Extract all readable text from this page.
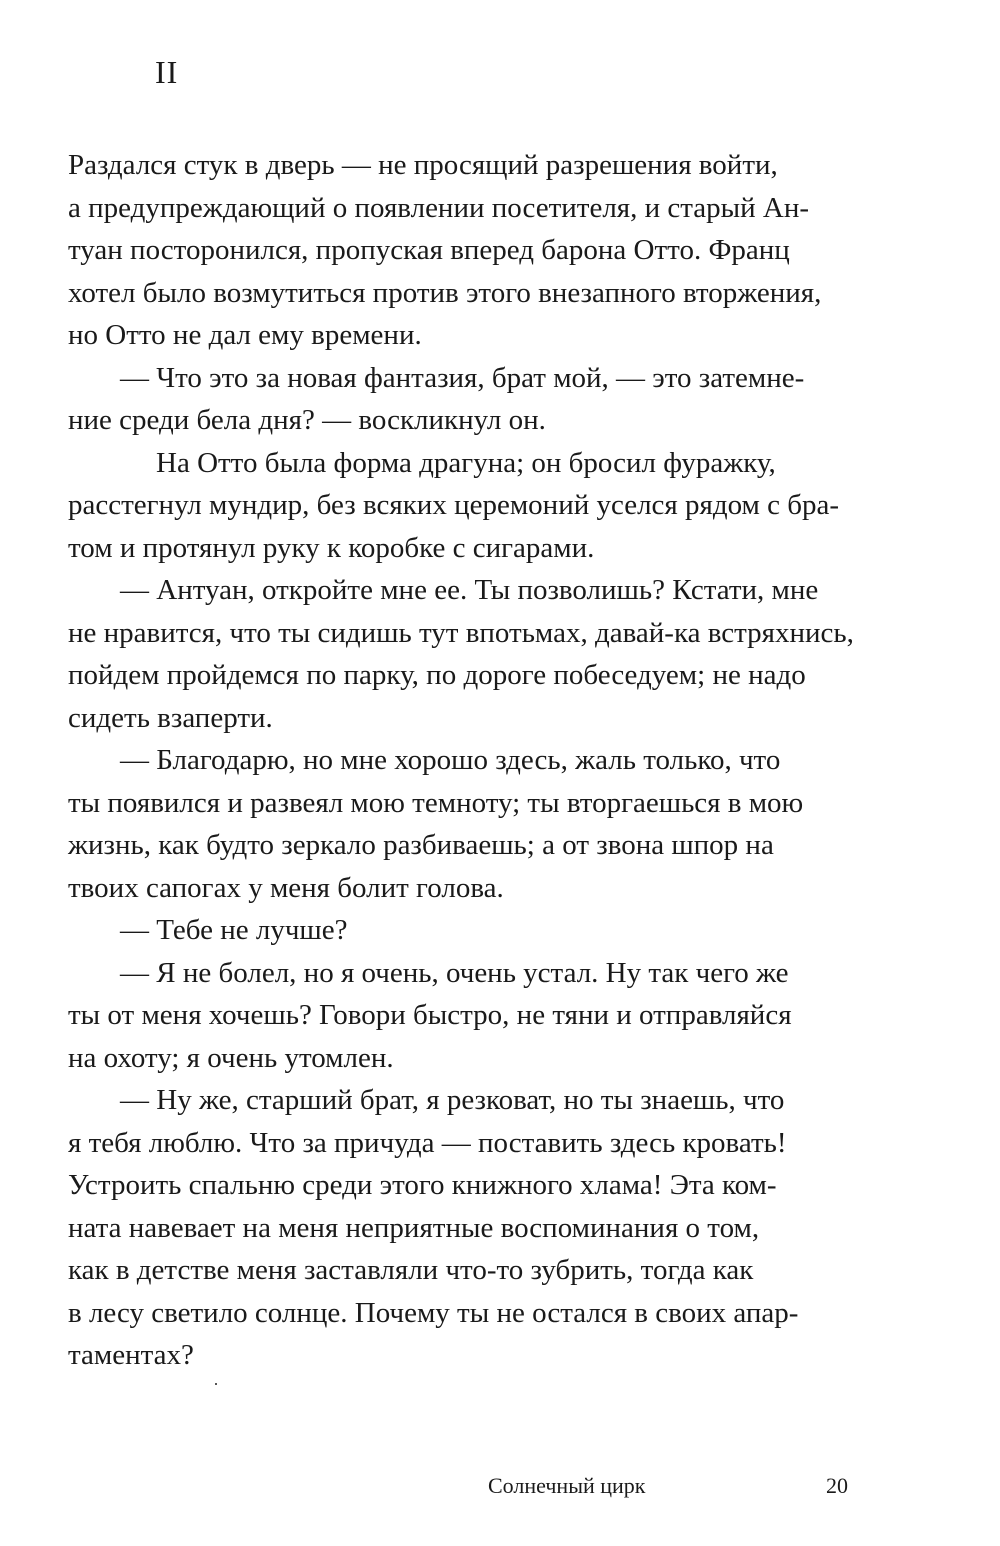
II
Раздался стук в дверь — не просящий разрешения войти,
а предупреждающий о появлении посетителя, и старый Ан-
туан посторонился, пропуская вперед барона Отто. Франц
хотел было возмутиться против этого внезапного вторжения,
но Отто не дал ему времени.
— Что это за новая фантазия, брат мой, — это затемне-
ние среди бела дня? — воскликнул он.
На Отто была форма драгуна; он бросил фуражку,
расстегнул мундир, без всяких церемоний уселся рядом с бра-
том и протянул руку к коробке с сигарами.
— Антуан, откройте мне ее. Ты позволишь? Кстати, мне
не нравится, что ты сидишь тут впотьмах, давай-ка встряхнись,
пойдем пройдемся по парку, по дороге побеседуем; не надо
сидеть взаперти.
— Благодарю, но мне хорошо здесь, жаль только, что
ты появился и развеял мою темноту; ты вторгаешься в мою
жизнь, как будто зеркало разбиваешь; а от звона шпор на
твоих сапогах у меня болит голова.
— Тебе не лучше?
— Я не болел, но я очень, очень устал. Ну так чего же
ты от меня хочешь? Говори быстро, не тяни и отправляйся
на охоту; я очень утомлен.
— Ну же, старший брат, я резковат, но ты знаешь, что
я тебя люблю. Что за причуда — поставить здесь кровать!
Устроить спальню среди этого книжного хлама! Эта ком-
ната навевает на меня неприятные воспоминания о том,
как в детстве меня заставляли что-то зубрить, тогда как
в лесу светило солнце. Почему ты не остался в своих апар-
таментах?
Солнечный цирк	20
